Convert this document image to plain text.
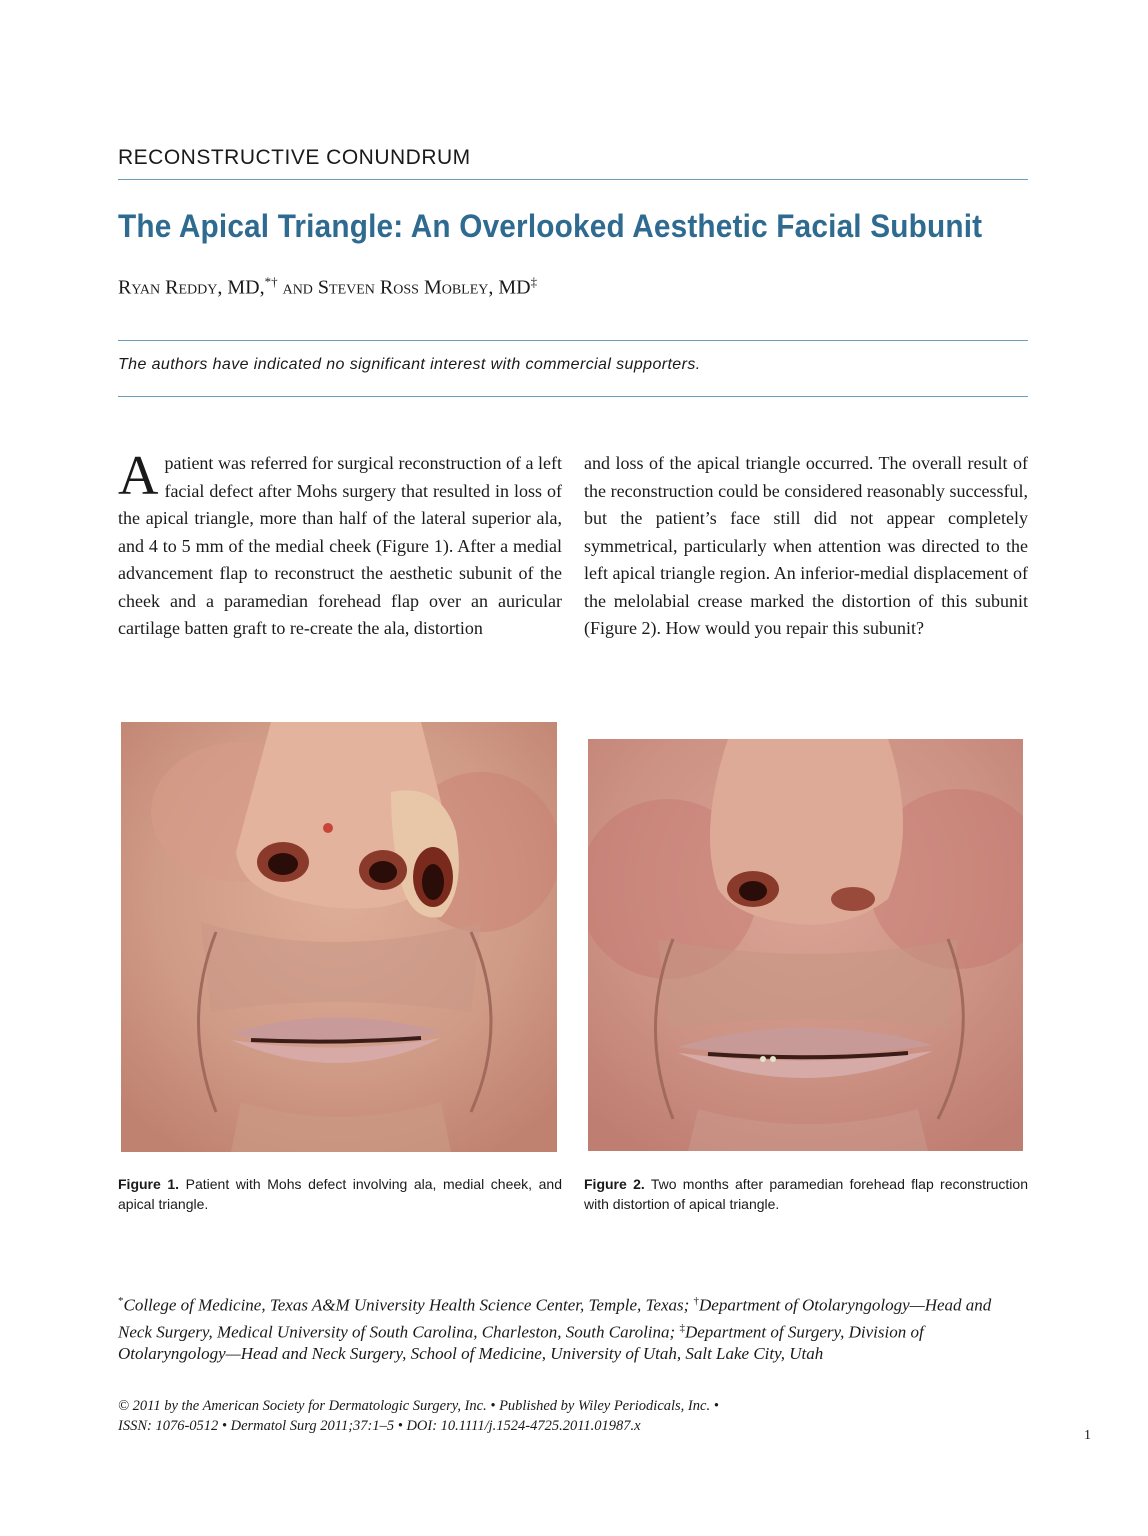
RECONSTRUCTIVE CONUNDRUM
The Apical Triangle: An Overlooked Aesthetic Facial Subunit
Ryan Reddy, MD,*† and Steven Ross Mobley, MD‡
The authors have indicated no significant interest with commercial supporters.
Apatient was referred for surgical reconstruction of a left facial defect after Mohs surgery that resulted in loss of the apical triangle, more than half of the lateral superior ala, and 4 to 5 mm of the medial cheek (Figure 1). After a medial advancement flap to reconstruct the aesthetic subunit of the cheek and a paramedian forehead flap over an auricular cartilage batten graft to re-create the ala, distortion
and loss of the apical triangle occurred. The overall result of the reconstruction could be considered reasonably successful, but the patient’s face still did not appear completely symmetrical, particularly when attention was directed to the left apical triangle region. An inferior-medial displacement of the melolabial crease marked the distortion of this subunit (Figure 2). How would you repair this subunit?
Figure 1. Patient with Mohs defect involving ala, medial cheek, and apical triangle.
Figure 2. Two months after paramedian forehead flap reconstruction with distortion of apical triangle.
*College of Medicine, Texas A&M University Health Science Center, Temple, Texas; †Department of Otolaryngology—Head and Neck Surgery, Medical University of South Carolina, Charleston, South Carolina; ‡Department of Surgery, Division of Otolaryngology—Head and Neck Surgery, School of Medicine, University of Utah, Salt Lake City, Utah
© 2011 by the American Society for Dermatologic Surgery, Inc. • Published by Wiley Periodicals, Inc. •
ISSN: 1076-0512 • Dermatol Surg 2011;37:1–5 • DOI: 10.1111/j.1524-4725.2011.01987.x
1
